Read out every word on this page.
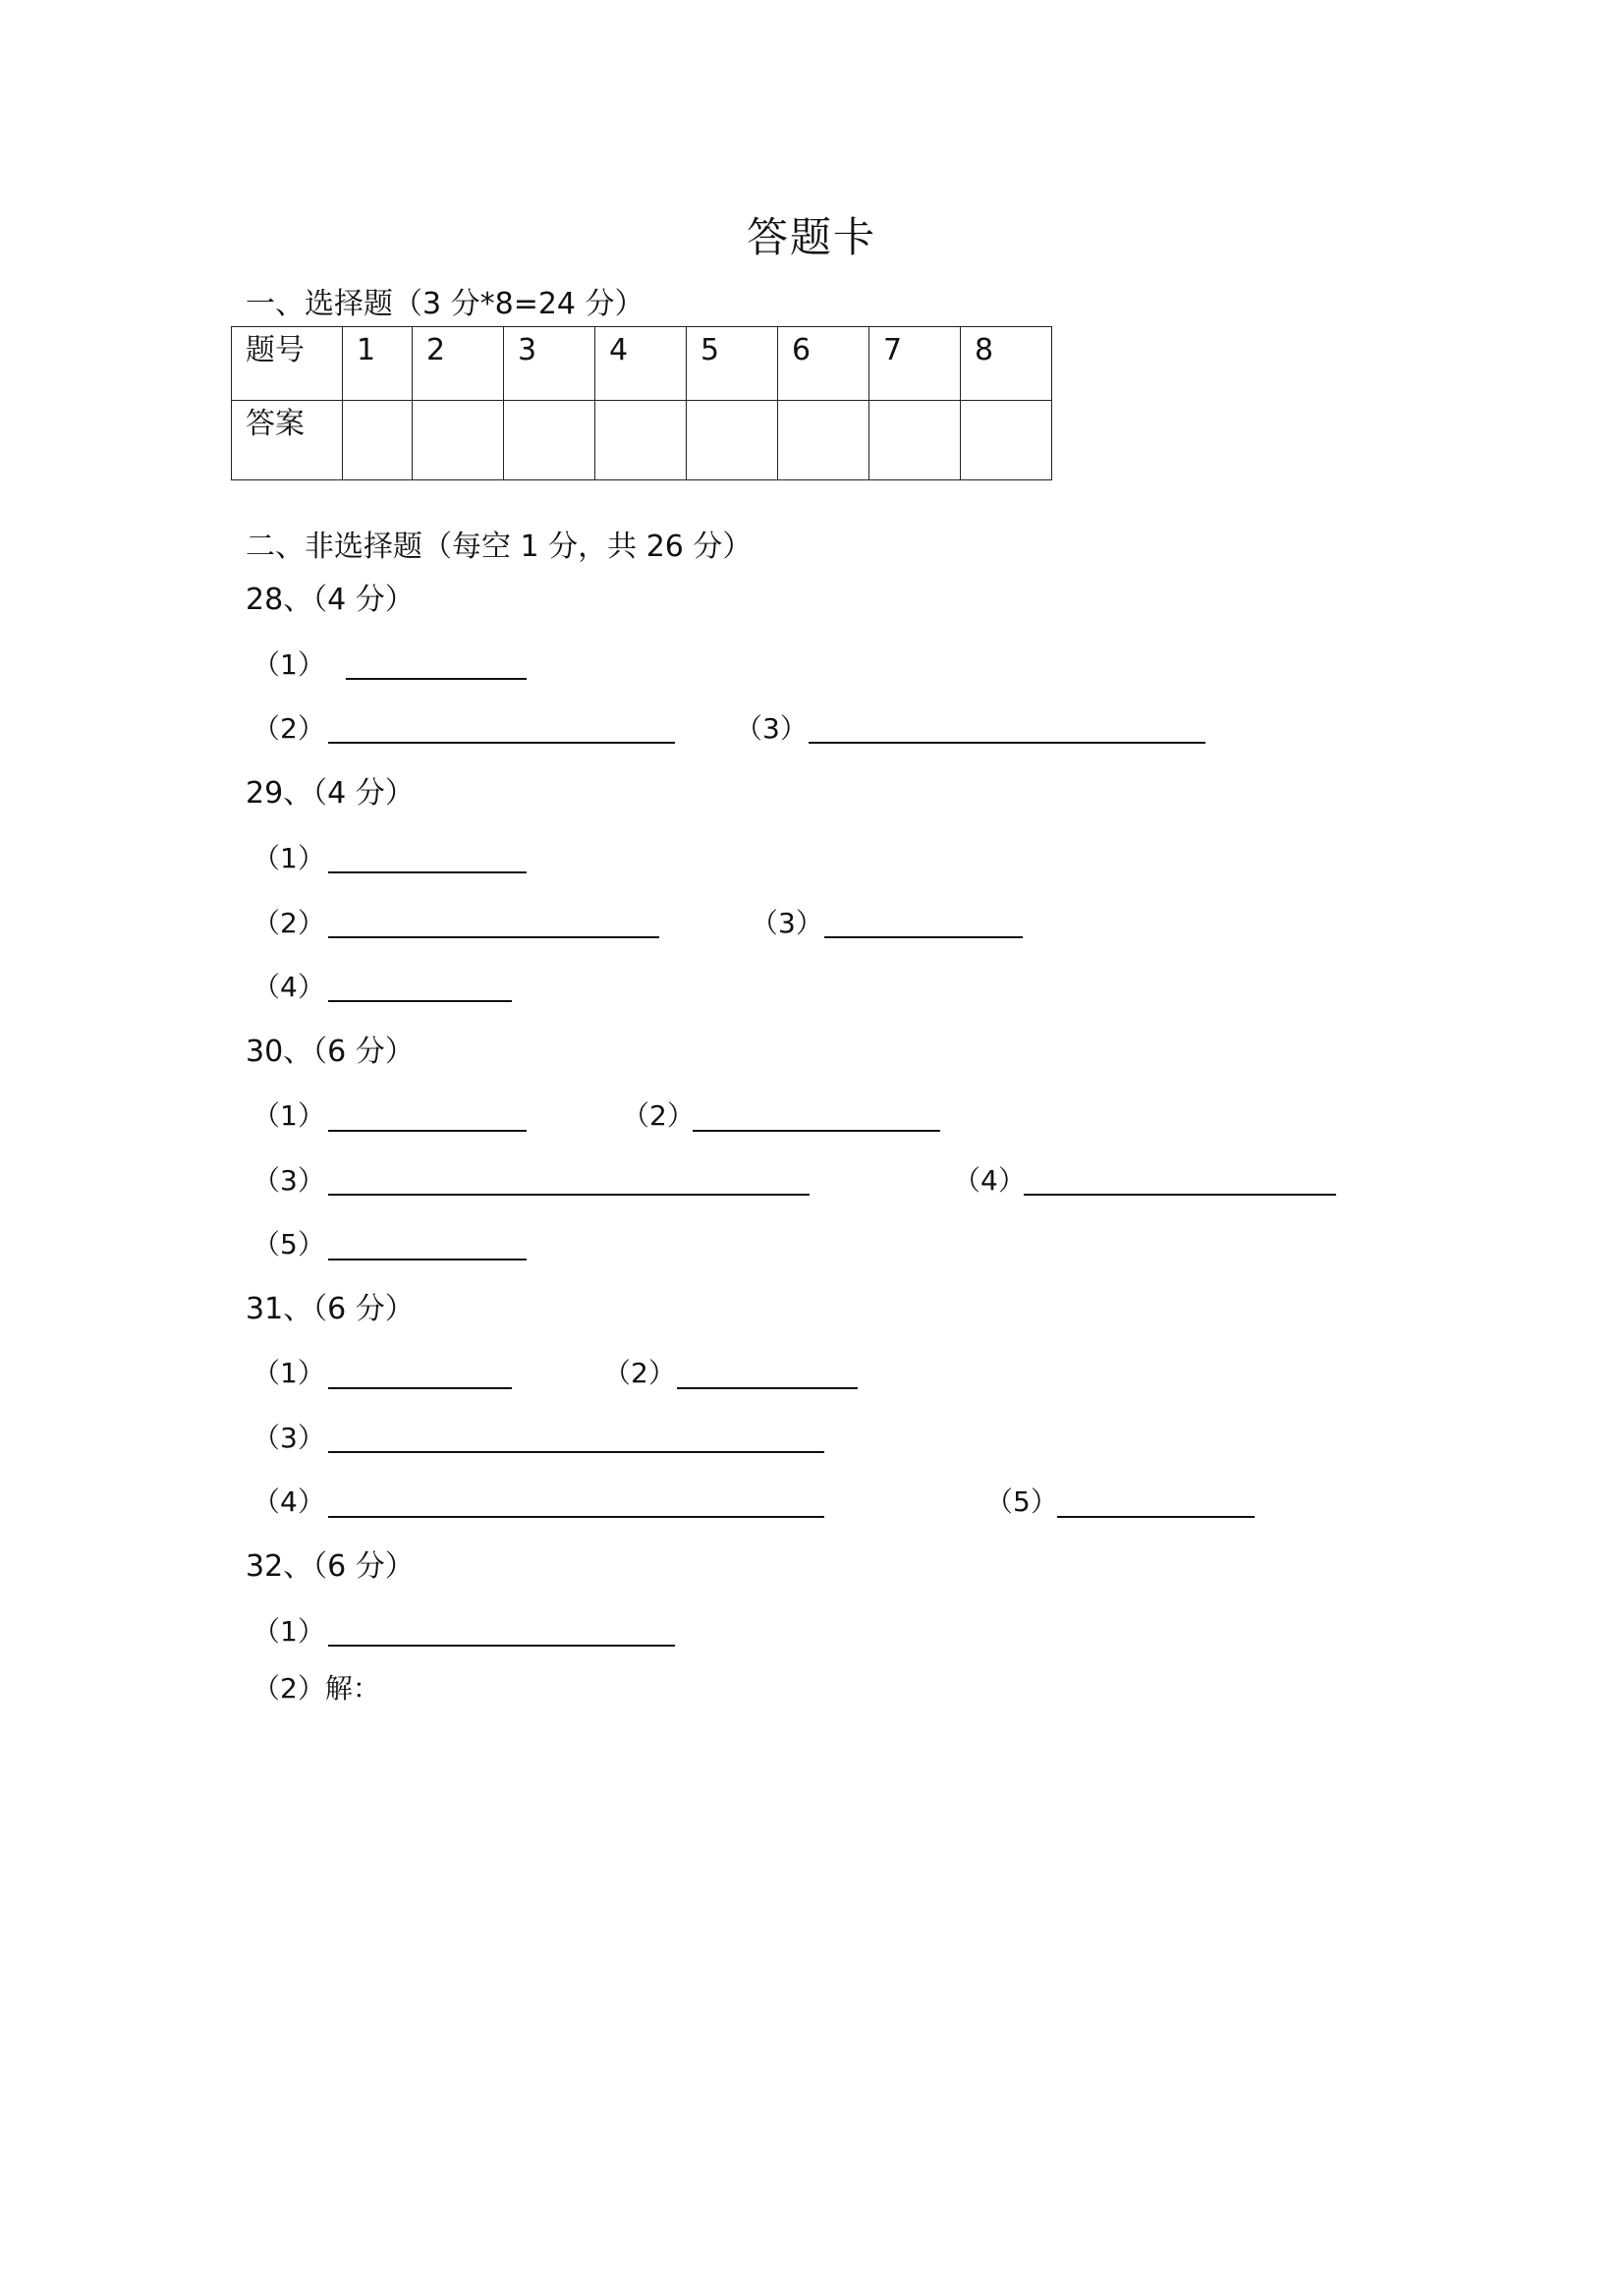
答题卡
一、选择题（3 分*8=24 分）
题号	1	2	3	4	5	6	7	8

答案								

二、非选择题（每空 1 分，共 26 分）
28、（4 分）
（1）
（2）	（3）
29、（4 分）
（1）
（2）	（3）
（4）
30、（6 分）
（1）	（2）
（3）	（4）
（5）
31、（6 分）
（1）	（2）
（3）
（4）	（5）
32、（6 分）
（1）
（2）解：
